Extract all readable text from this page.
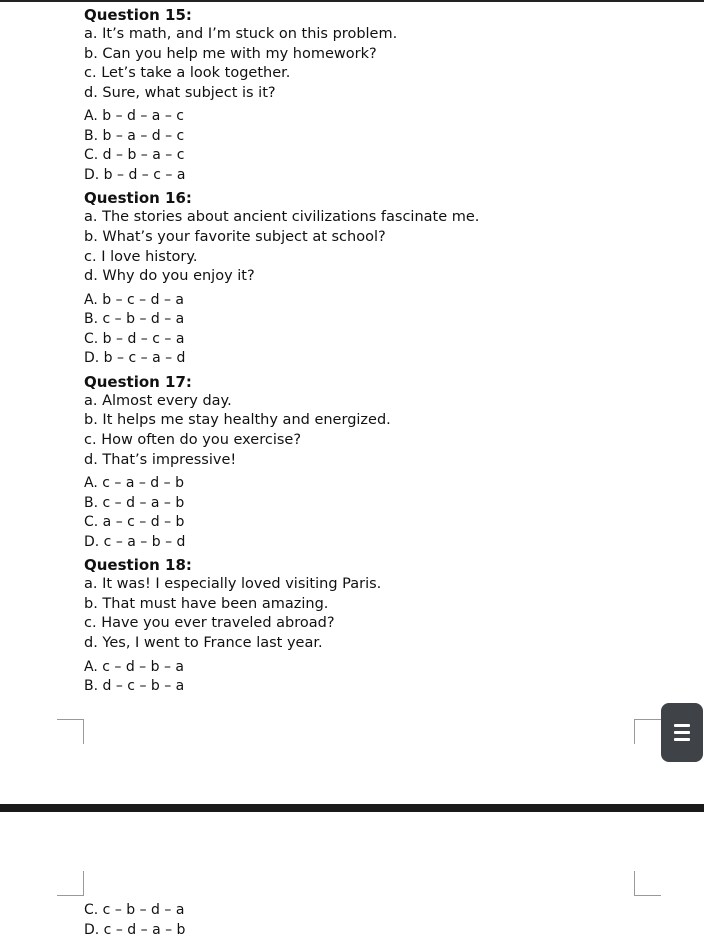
Question 15:
a. It’s math, and I’m stuck on this problem.
b. Can you help me with my homework?
c. Let’s take a look together.
d. Sure, what subject is it?
A. b – d – a – c
B. b – a – d – c
C. d – b – a – c
D. b – d – c – a
Question 16:
a. The stories about ancient civilizations fascinate me.
b. What’s your favorite subject at school?
c. I love history.
d. Why do you enjoy it?
A. b – c – d – a
B. c – b – d – a
C. b – d – c – a
D. b – c – a – d
Question 17:
a. Almost every day.
b. It helps me stay healthy and energized.
c. How often do you exercise?
d. That’s impressive!
A. c – a – d – b
B. c – d – a – b
C. a – c – d – b
D. c – a – b – d
Question 18:
a. It was! I especially loved visiting Paris.
b. That must have been amazing.
c. Have you ever traveled abroad?
d. Yes, I went to France last year.
A. c – d – b – a
B. d – c – b – a
C. c – b – d – a
D. c – d – a – b
